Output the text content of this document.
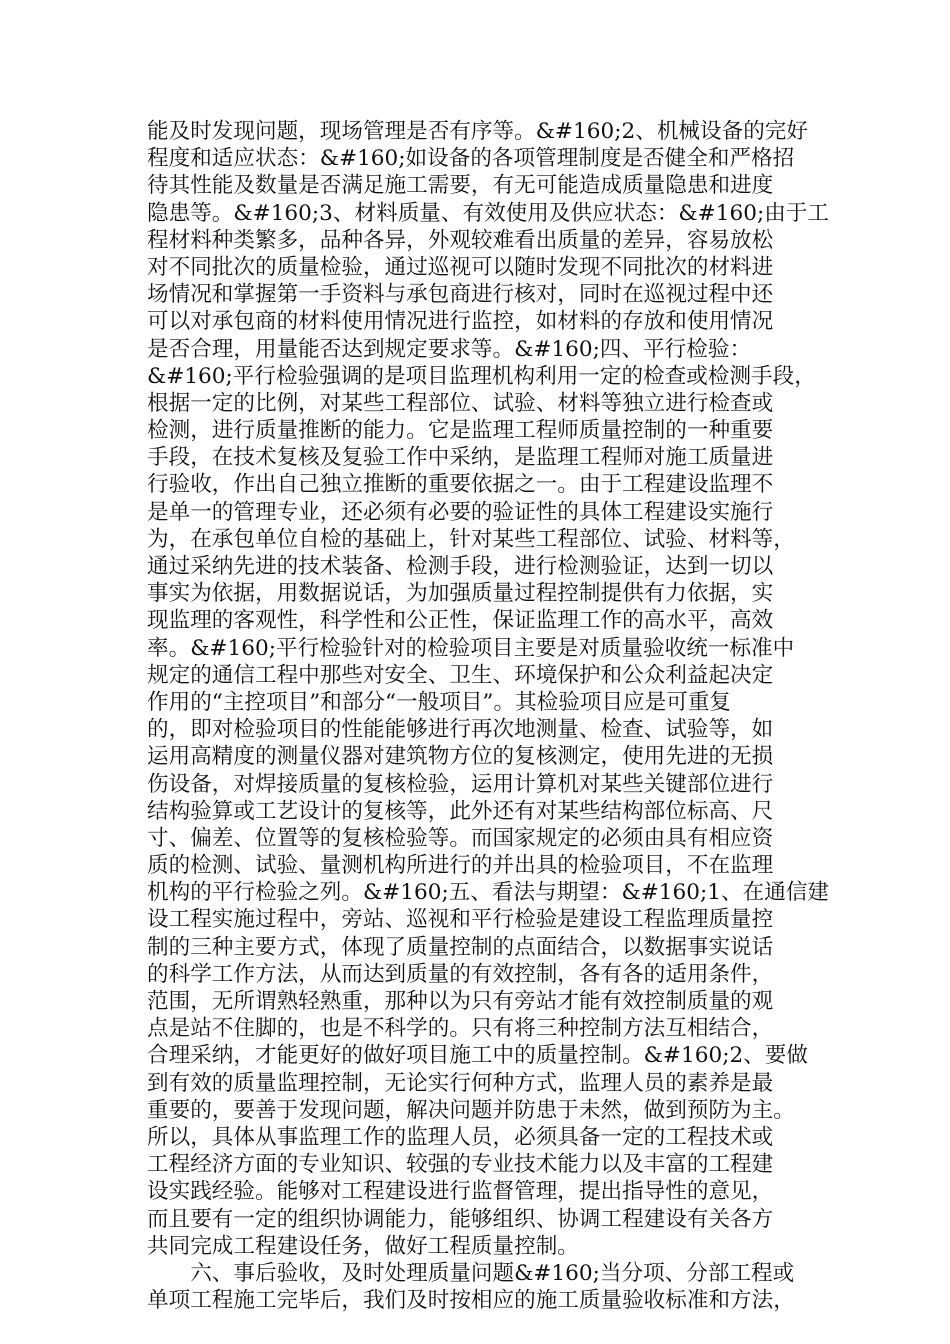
能及时发现问题，现场管理是否有序等。&#160;2、机械设备的完好
程度和适应状态：&#160;如设备的各项管理制度是否健全和严格招
待其性能及数量是否满足施工需要，有无可能造成质量隐患和进度
隐患等。&#160;3、材料质量、有效使用及供应状态：&#160;由于工
程材料种类繁多，品种各异，外观较难看出质量的差异，容易放松
对不同批次的质量检验，通过巡视可以随时发现不同批次的材料进
场情况和掌握第一手资料与承包商进行核对，同时在巡视过程中还
可以对承包商的材料使用情况进行监控，如材料的存放和使用情况
是否合理，用量能否达到规定要求等。&#160;四、平行检验：
&#160;平行检验强调的是项目监理机构利用一定的检查或检测手段，
根据一定的比例，对某些工程部位、试验、材料等独立进行检查或
检测，进行质量推断的能力。它是监理工程师质量控制的一种重要
手段，在技术复核及复验工作中采纳，是监理工程师对施工质量进
行验收，作出自己独立推断的重要依据之一。由于工程建设监理不
是单一的管理专业，还必须有必要的验证性的具体工程建设实施行
为，在承包单位自检的基础上，针对某些工程部位、试验、材料等，
通过采纳先进的技术装备、检测手段，进行检测验证，达到一切以
事实为依据，用数据说话，为加强质量过程控制提供有力依据，实
现监理的客观性，科学性和公正性，保证监理工作的高水平，高效
率。&#160;平行检验针对的检验项目主要是对质量验收统一标准中
规定的通信工程中那些对安全、卫生、环境保护和公众利益起决定
作用的“主控项目”和部分“一般项目”。其检验项目应是可重复
的，即对检验项目的性能能够进行再次地测量、检查、试验等，如
运用高精度的测量仪器对建筑物方位的复核测定，使用先进的无损
伤设备，对焊接质量的复核检验，运用计算机对某些关键部位进行
结构验算或工艺设计的复核等，此外还有对某些结构部位标高、尺
寸、偏差、位置等的复核检验等。而国家规定的必须由具有相应资
质的检测、试验、量测机构所进行的并出具的检验项目，不在监理
机构的平行检验之列。&#160;五、看法与期望：&#160;1、在通信建
设工程实施过程中，旁站、巡视和平行检验是建设工程监理质量控
制的三种主要方式，体现了质量控制的点面结合，以数据事实说话
的科学工作方法，从而达到质量的有效控制，各有各的适用条件，
范围，无所谓熟轻熟重，那种以为只有旁站才能有效控制质量的观
点是站不住脚的，也是不科学的。只有将三种控制方法互相结合，
合理采纳，才能更好的做好项目施工中的质量控制。&#160;2、要做
到有效的质量监理控制，无论实行何种方式，监理人员的素养是最
重要的，要善于发现问题，解决问题并防患于未然，做到预防为主。
所以，具体从事监理工作的监理人员，必须具备一定的工程技术或
工程经济方面的专业知识、较强的专业技术能力以及丰富的工程建
设实践经验。能够对工程建设进行监督管理，提出指导性的意见，
而且要有一定的组织协调能力，能够组织、协调工程建设有关各方
共同完成工程建设任务，做好工程质量控制。
　　六、事后验收，及时处理质量问题&#160;当分项、分部工程或
单项工程施工完毕后，我们及时按相应的施工质量验收标准和方法，
